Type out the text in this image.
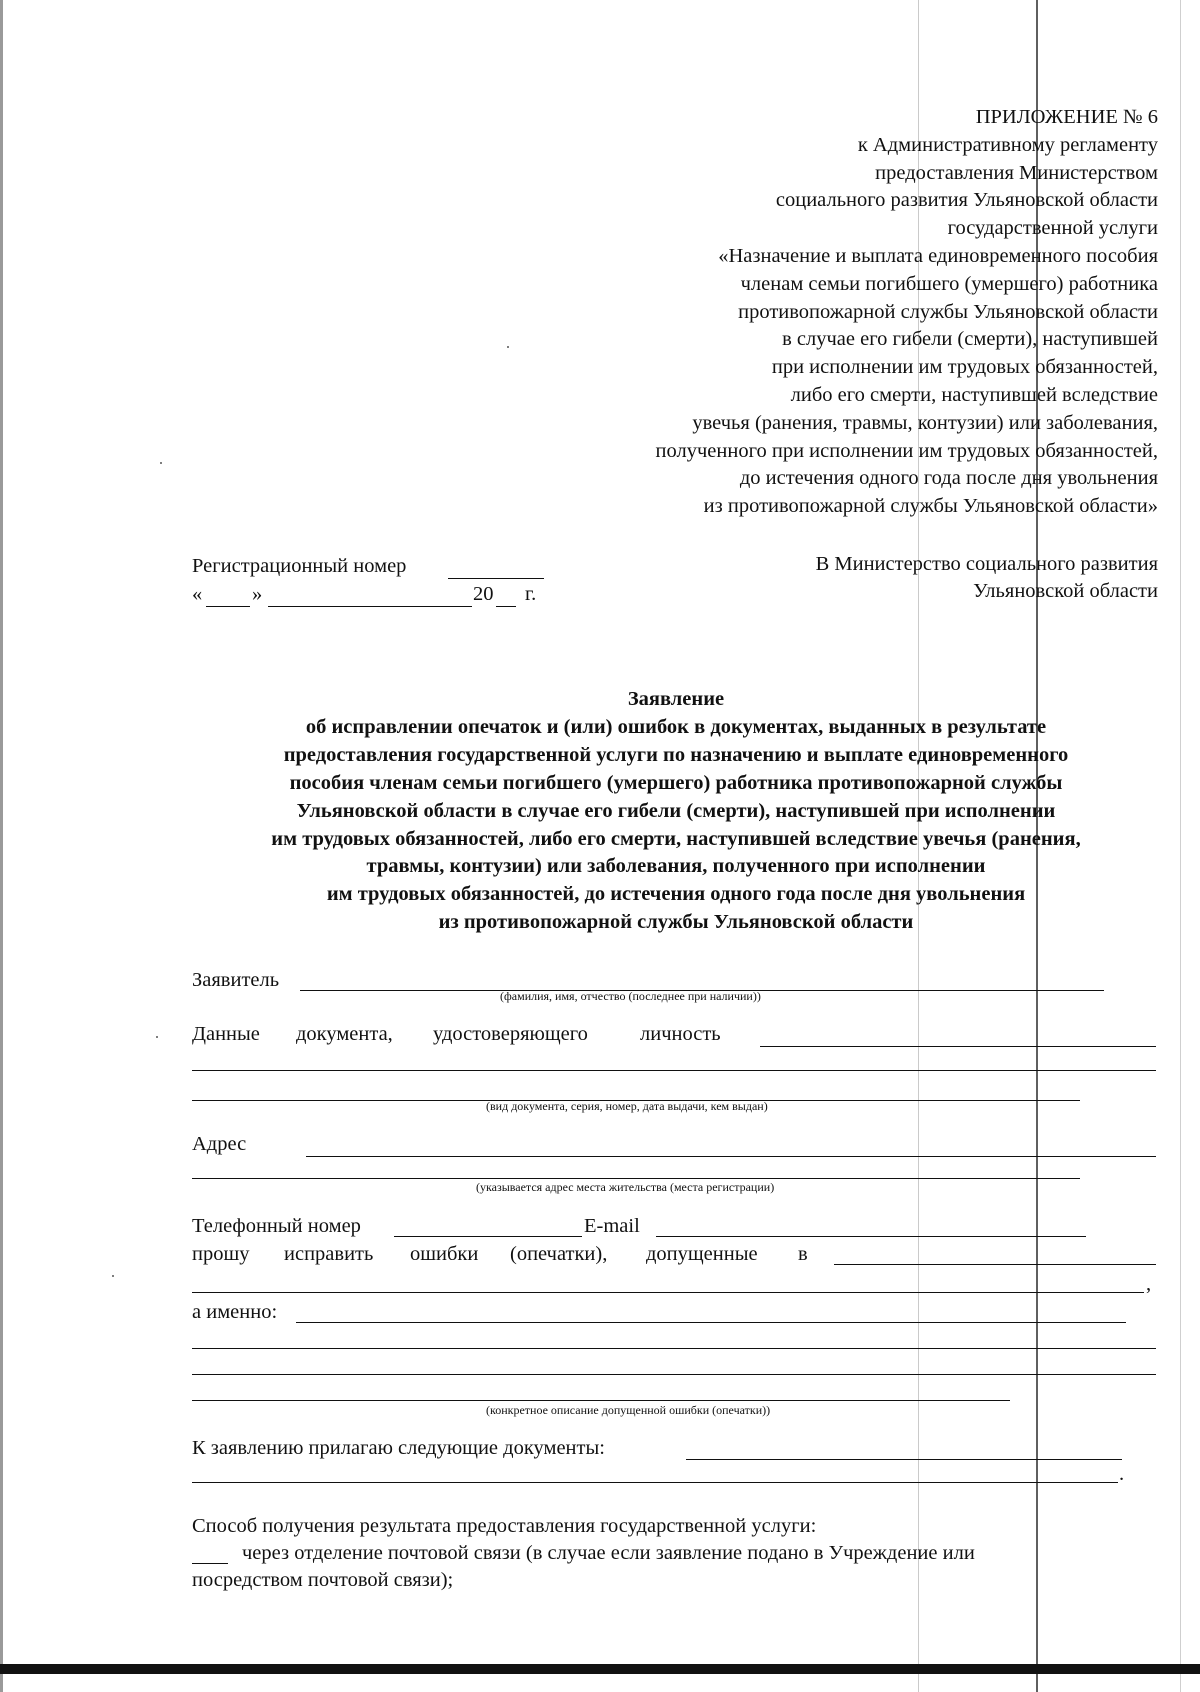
ПРИЛОЖЕНИЕ № 6
к Административному регламенту
предоставления Министерством
социального развития Ульяновской области
государственной услуги
«Назначение и выплата единовременного пособия
членам семьи погибшего (умершего) работника
противопожарной службы Ульяновской области
в случае его гибели (смерти), наступившей
при исполнении им трудовых обязанностей,
либо его смерти, наступившей вследствие
увечья (ранения, травмы, контузии) или заболевания,
полученного при исполнении им трудовых обязанностей,
до истечения одного года после дня увольнения
из противопожарной службы Ульяновской области»
Регистрационный номер
« »	20 г.
В Министерство социального развития
Ульяновской области
Заявление
об исправлении опечаток и (или) ошибок в документах, выданных в результате
предоставления государственной услуги по назначению и выплате единовременного
пособия членам семьи погибшего (умершего) работника противопожарной службы
Ульяновской области в случае его гибели (смерти), наступившей при исполнении
им трудовых обязанностей, либо его смерти, наступившей вследствие увечья (ранения,
травмы, контузии) или заболевания, полученного при исполнении
им трудовых обязанностей, до истечения одного года после дня увольнения
из противопожарной службы Ульяновской области
Заявитель
(фамилия, имя, отчество (последнее при наличии))
Данные документа, удостоверяющего	личность
(вид документа, серия, номер, дата выдачи, кем выдан)
Адрес
(указывается адрес места жительства (места регистрации)
Телефонный номер	E-mail
прошу исправить ошибки (опечатки), допущенные в
,
а именно:
(конкретное описание допущенной ошибки (опечатки))
К заявлению прилагаю следующие документы:
.
Способ получения результата предоставления государственной услуги:
через отделение почтовой связи (в случае если заявление подано в Учреждение или
посредством почтовой связи);
